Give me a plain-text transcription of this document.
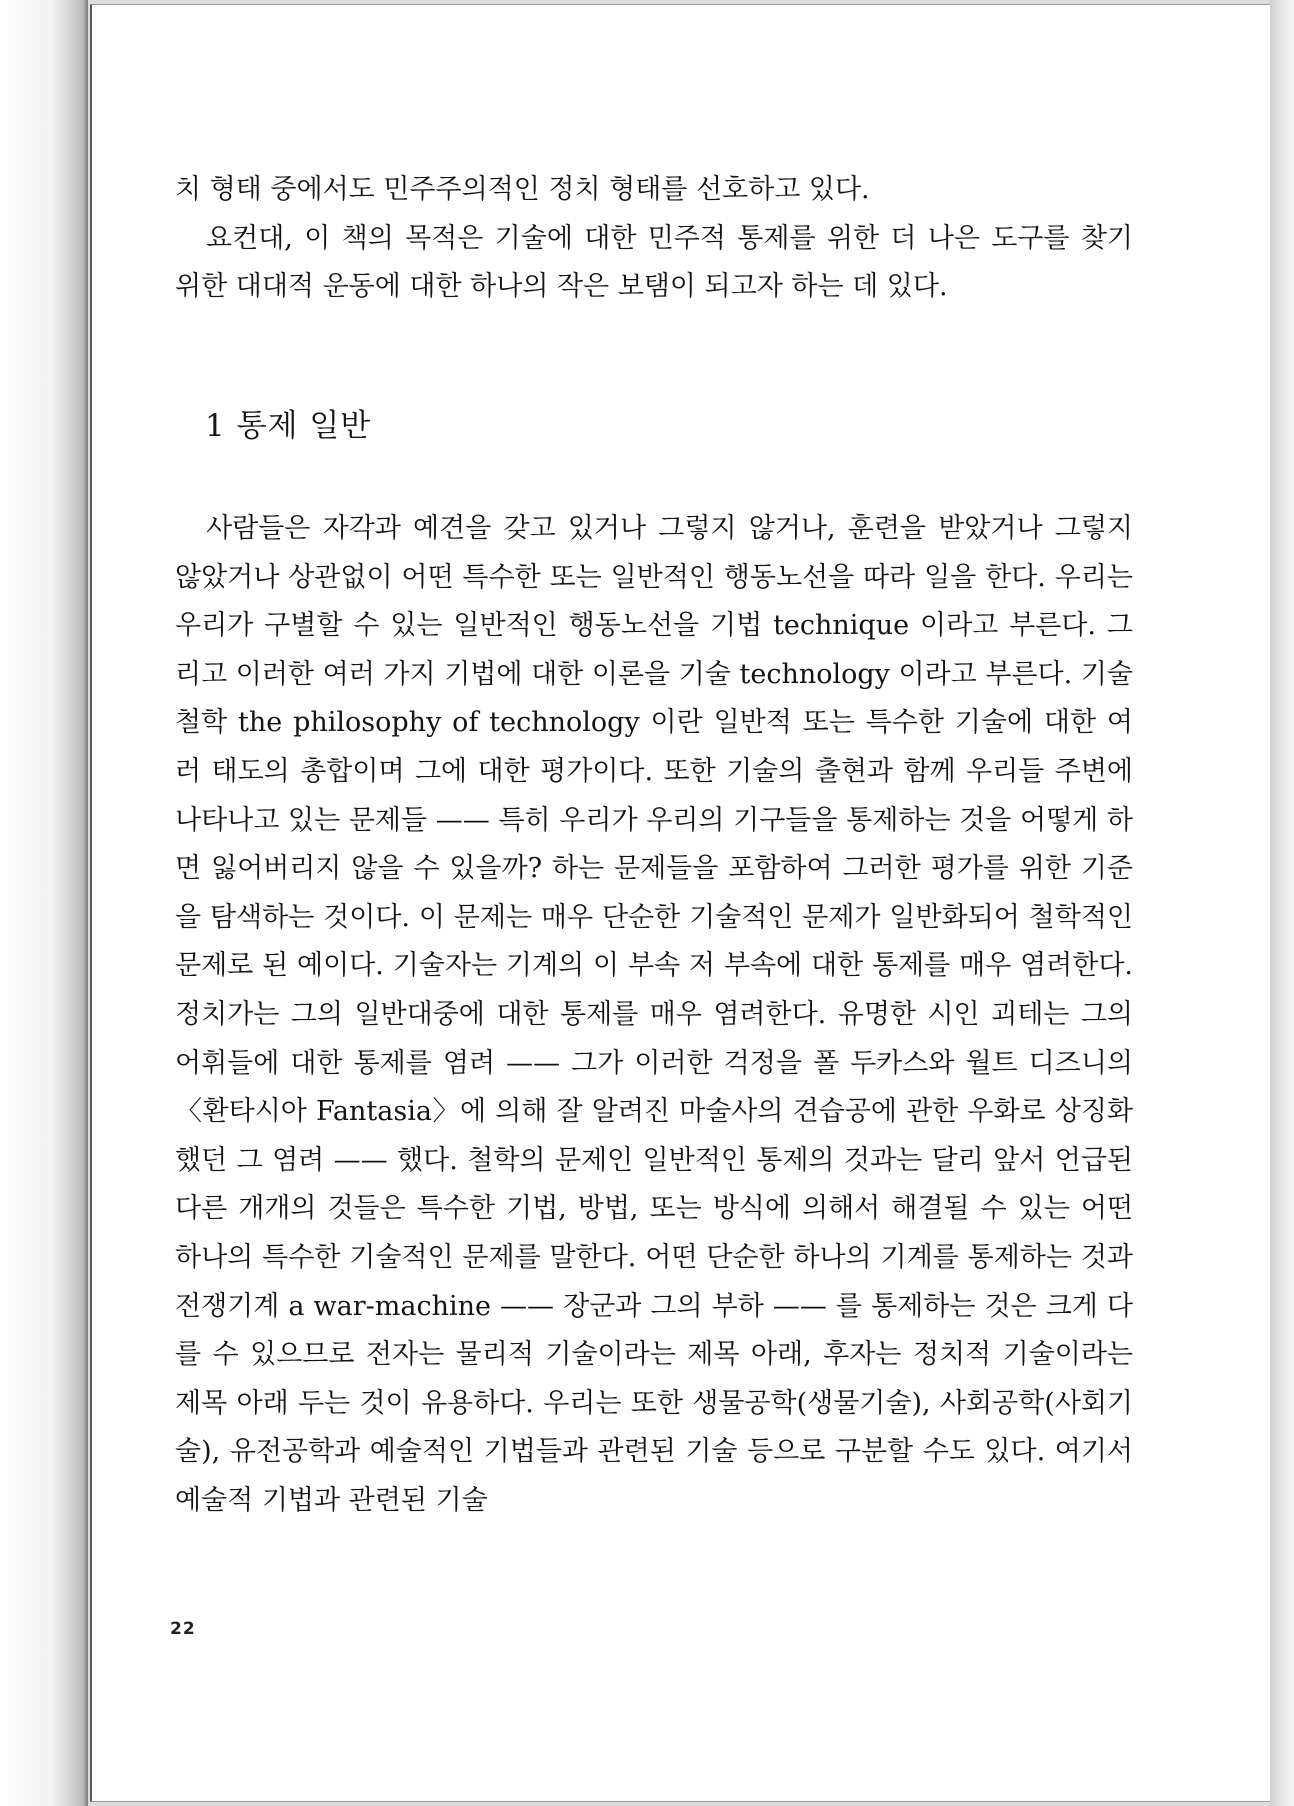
치 형태 중에서도 민주주의적인 정치 형태를 선호하고 있다.

요컨대, 이 책의 목적은 기술에 대한 민주적 통제를 위한 더 나은 도구를 찾기 위한 대대적 운동에 대한 하나의 작은 보탬이 되고자 하는 데 있다.

1 통제 일반

사람들은 자각과 예견을 갖고 있거나 그렇지 않거나, 훈련을 받았거나 그렇지 않았거나 상관없이 어떤 특수한 또는 일반적인 행동노선을 따라 일을 한다. 우리는 우리가 구별할 수 있는 일반적인 행동노선을 기법 technique 이라고 부른다. 그리고 이러한 여러 가지 기법에 대한 이론을 기술 technology 이라고 부른다. 기술철학 the philosophy of technology 이란 일반적 또는 특수한 기술에 대한 여러 태도의 총합이며 그에 대한 평가이다. 또한 기술의 출현과 함께 우리들 주변에 나타나고 있는 문제들 —— 특히 우리가 우리의 기구들을 통제하는 것을 어떻게 하면 잃어버리지 않을 수 있을까? 하는 문제들을 포함하여 그러한 평가를 위한 기준을 탐색하는 것이다. 이 문제는 매우 단순한 기술적인 문제가 일반화되어 철학적인 문제로 된 예이다. 기술자는 기계의 이 부속 저 부속에 대한 통제를 매우 염려한다. 정치가는 그의 일반대중에 대한 통제를 매우 염려한다. 유명한 시인 괴테는 그의 어휘들에 대한 통제를 염려 —— 그가 이러한 걱정을 폴 두카스와 월트 디즈니의 〈환타시아 Fantasia〉에 의해 잘 알려진 마술사의 견습공에 관한 우화로 상징화했던 그 염려 —— 했다. 철학의 문제인 일반적인 통제의 것과는 달리 앞서 언급된 다른 개개의 것들은 특수한 기법, 방법, 또는 방식에 의해서 해결될 수 있는 어떤 하나의 특수한 기술적인 문제를 말한다. 어떤 단순한 하나의 기계를 통제하는 것과 전쟁기계 a war-machine —— 장군과 그의 부하 —— 를 통제하는 것은 크게 다를 수 있으므로 전자는 물리적 기술이라는 제목 아래, 후자는 정치적 기술이라는 제목 아래 두는 것이 유용하다. 우리는 또한 생물공학(생물기술), 사회공학(사회기술), 유전공학과 예술적인 기법들과 관련된 기술 등으로 구분할 수도 있다. 여기서 예술적 기법과 관련된 기술

22
